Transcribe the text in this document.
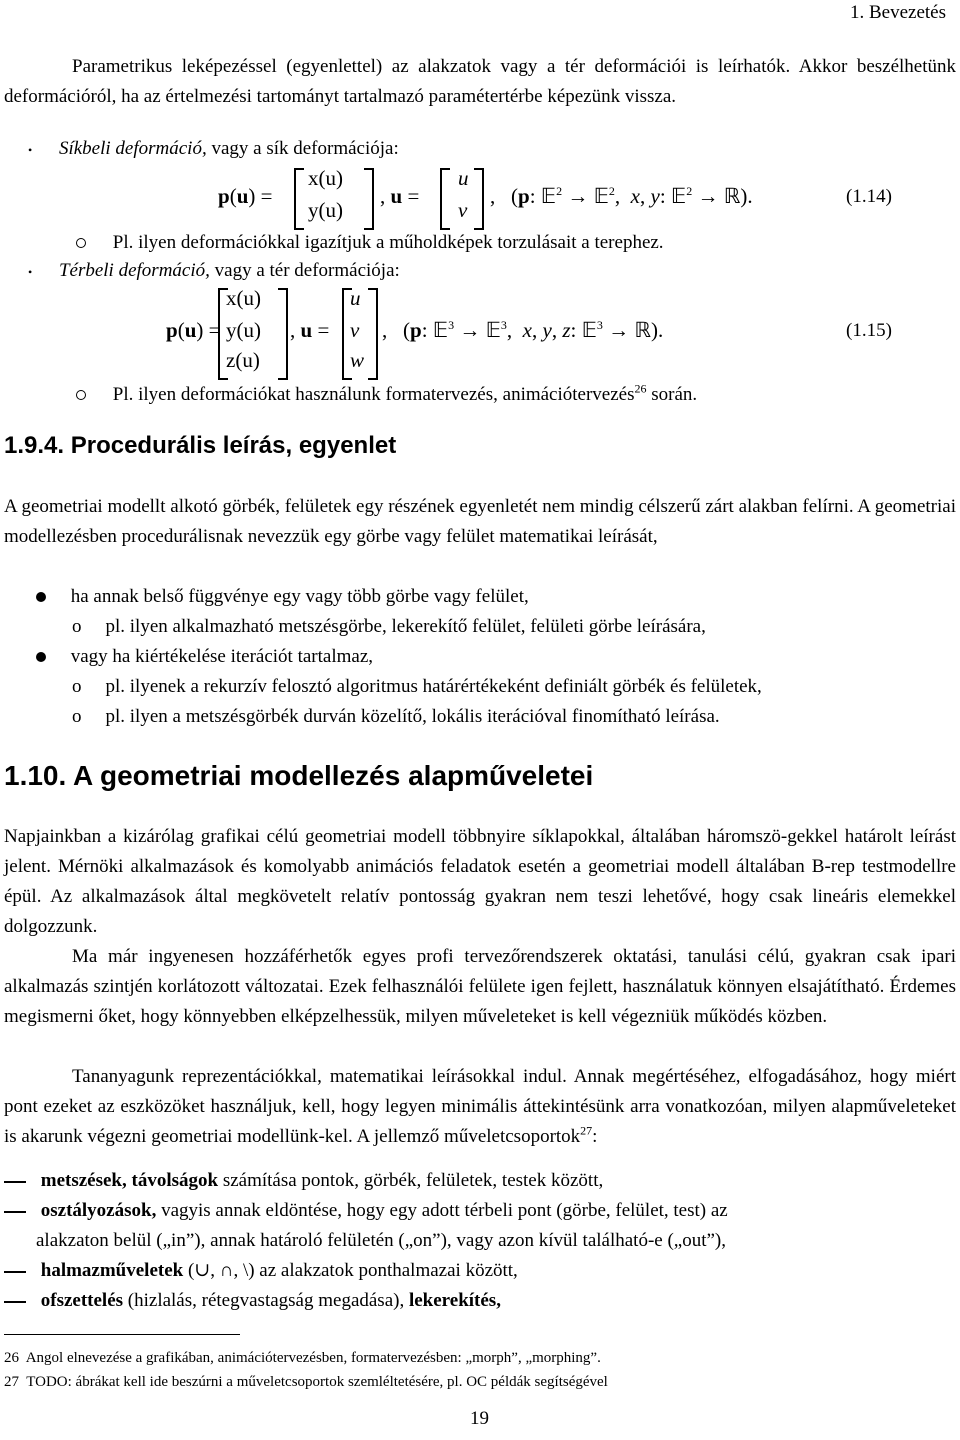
1. Bevezetés
Parametrikus leképezéssel (egyenlettel) az alakzatok vagy a tér deformációi is leírhatók. Akkor beszélhetünk deformációról, ha az értelmezési tartományt tartalmazó paramétertérbe képezünk vissza.
• Síkbeli deformáció, vagy a sík deformációja:
p(u) =
x(u)
y(u)
, u =
u
v
,   (p: 𝔼$^2$ → 𝔼$^2$,  x, y: 𝔼$^2$ → ℝ).	(1.14)
Pl. ilyen deformációkkal igazítjuk a műholdképek torzulásait a terephez.
• Térbeli deformáció, vagy a tér deformációja:
p(u) =
x(u)
y(u)
z(u)
, u =
u
v
w
,   (p: 𝔼$^3$ → 𝔼$^3$,  x, y, z: 𝔼$^3$ → ℝ).	(1.15)
Pl. ilyen deformációkat használunk formatervezés, animációtervezés$^{26}$ során.
1.9.4. Procedurális leírás, egyenlet
A geometriai modellt alkotó görbék, felületek egy részének egyenletét nem mindig célszerű zárt alakban felírni. A geometriai modellezésben procedurálisnak nevezzük egy görbe vagy felület matematikai leírását,
ha annak belső függvénye egy vagy több görbe vagy felület,
o pl. ilyen alkalmazható metszésgörbe, lekerekítő felület, felületi görbe leírására,
vagy ha kiértékelése iterációt tartalmaz,
o pl. ilyenek a rekurzív felosztó algoritmus határértékeként definiált görbék és felületek,
o pl. ilyen a metszésgörbék durván közelítő, lokális iterációval finomítható leírása.
1.10. A geometriai modellezés alapműveletei
Napjainkban a kizárólag grafikai célú geometriai modell többnyire síklapokkal, általában háromszö-gekkel határolt leírást jelent. Mérnöki alkalmazások és komolyabb animációs feladatok esetén a geometriai modell általában B-rep testmodellre épül. Az alkalmazások által megkövetelt relatív pontosság gyakran nem teszi lehetővé, hogy csak lineáris elemekkel dolgozzunk.
Ma már ingyenesen hozzáférhetők egyes profi tervezőrendszerek oktatási, tanulási célú, gyakran csak ipari alkalmazás szintjén korlátozott változatai. Ezek felhasználói felülete igen fejlett, használatuk könnyen elsajátítható. Érdemes megismerni őket, hogy könnyebben elképzelhessük, milyen műveleteket is kell végezniük működés közben.
Tananyagunk reprezentációkkal, matematikai leírásokkal indul. Annak megértéséhez, elfogadásához, hogy miért pont ezeket az eszközöket használjuk, kell, hogy legyen minimális áttekintésünk arra vonatkozóan, milyen alapműveleteket is akarunk végezni geometriai modellünk-kel. A jellemző műveletcsoportok$^{27}$:
metszések, távolságok számítása pontok, görbék, felületek, testek között,
osztályozások, vagyis annak eldöntése, hogy egy adott térbeli pont (görbe, felület, test) az
alakzaton belül („in”), annak határoló felületén („on”), vagy azon kívül található-e („out”),
halmazműveletek (∪, ∩, \) az alakzatok ponthalmazai között,
ofszettelés (hizlalás, rétegvastagság megadása), lekerekítés,
26 Angol elnevezése a grafikában, animációtervezésben, formatervezésben: „morph”, „morphing”.
27 TODO: ábrákat kell ide beszúrni a műveletcsoportok szemléltetésére, pl. OC példák segítségével
19
